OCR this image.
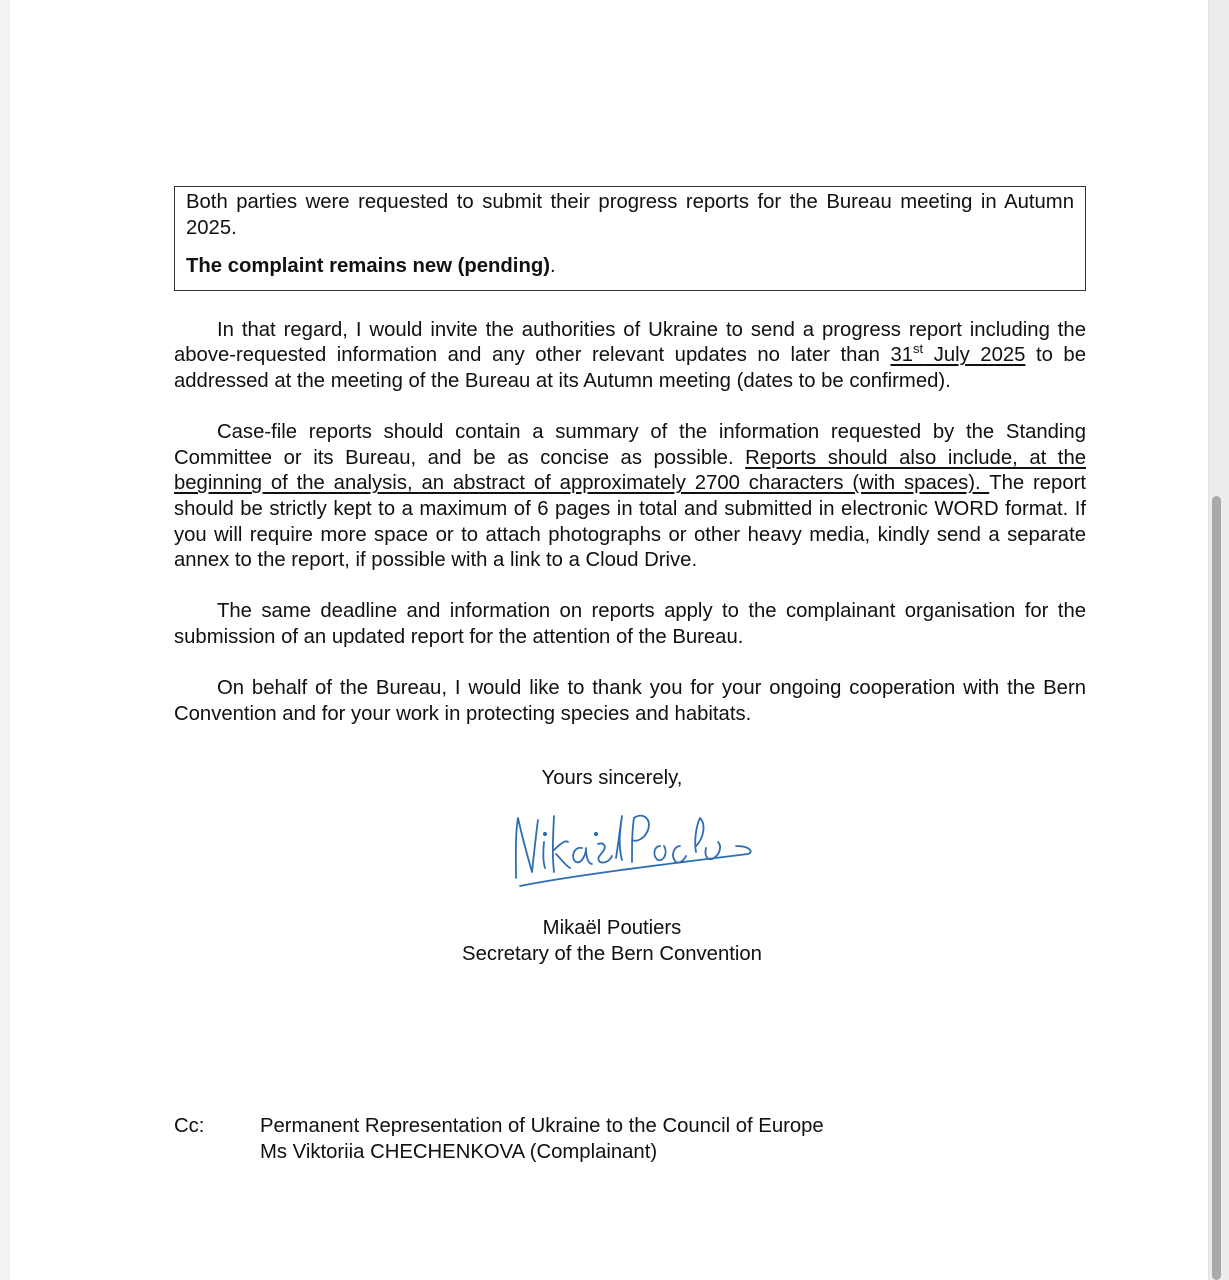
Both parties were requested to submit their progress reports for the Bureau meeting in Autumn 2025.

The complaint remains new (pending).

In that regard, I would invite the authorities of Ukraine to send a progress report including the above-requested information and any other relevant updates no later than 31st July 2025 to be addressed at the meeting of the Bureau at its Autumn meeting (dates to be confirmed).

Case-file reports should contain a summary of the information requested by the Standing Committee or its Bureau, and be as concise as possible. Reports should also include, at the beginning of the analysis, an abstract of approximately 2700 characters (with spaces). The report should be strictly kept to a maximum of 6 pages in total and submitted in electronic WORD format. If you will require more space or to attach photographs or other heavy media, kindly send a separate annex to the report, if possible with a link to a Cloud Drive.

The same deadline and information on reports apply to the complainant organisation for the submission of an updated report for the attention of the Bureau.

On behalf of the Bureau, I would like to thank you for your ongoing cooperation with the Bern Convention and for your work in protecting species and habitats.

Yours sincerely,

Mikaël Poutiers

Secretary of the Bern Convention

Cc:	Permanent Representation of Ukraine to the Council of Europe
Ms Viktoriia CHECHENKOVA (Complainant)
